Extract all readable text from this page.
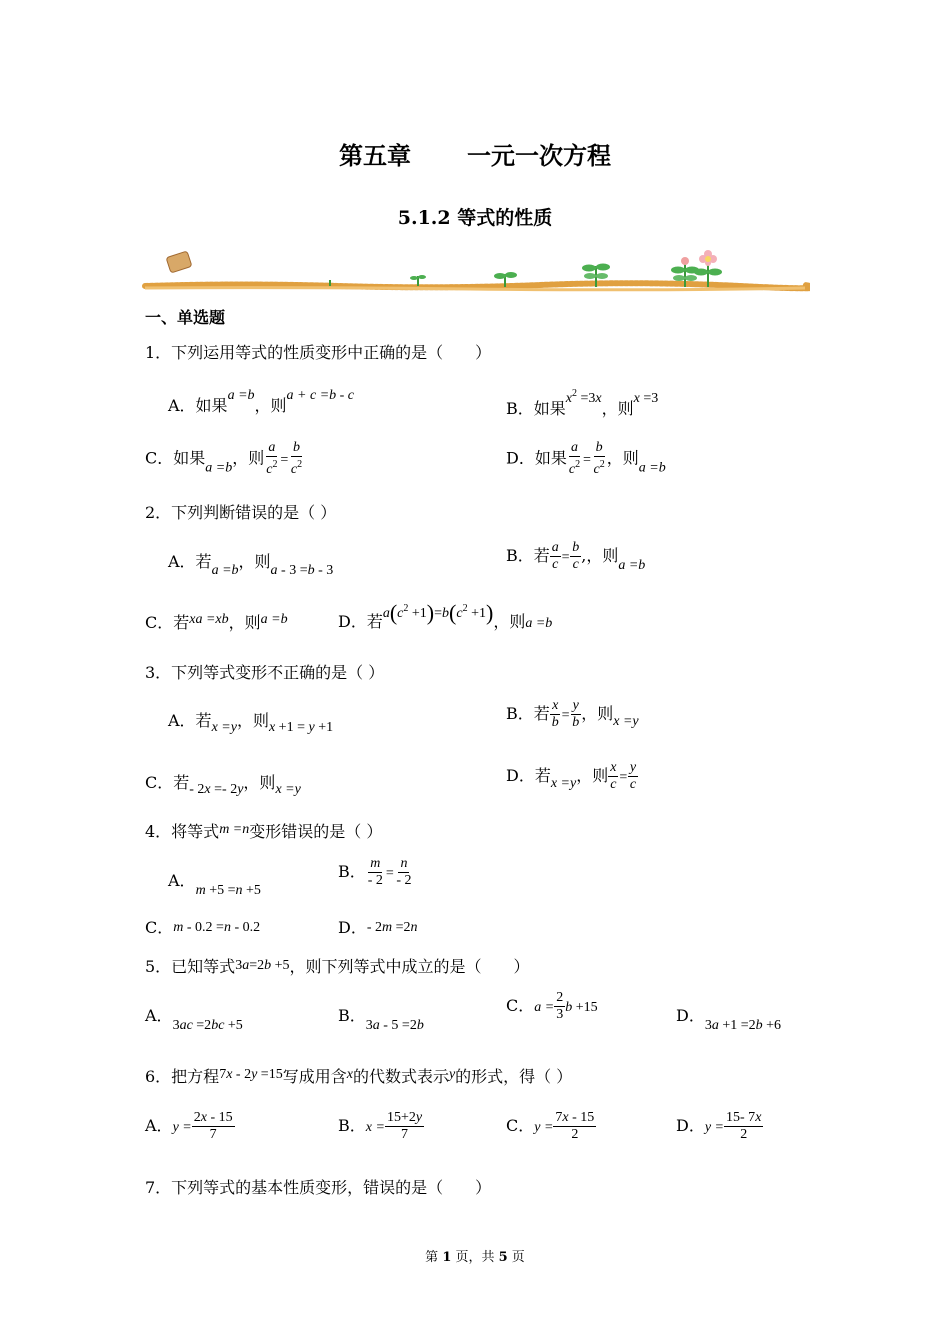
第五章 一元一次方程
5.1.2 等式的性质
一、单选题
1．下列运用等式的性质变形中正确的是（　　）
A．如果a =b，则a + c =b - c
B．如果$x^2 =3x$，则x =3
C．如果a =b，则 $\frac{a}{c^2} = \frac{b}{c^2}$	D．如果 $\frac{a}{c^2} = \frac{b}{c^2}$ ，则a =b
2．下列判断错误的是（ ）
A．若a =b，则a - 3 =b - 3
B．若 $\frac{a}{c} = \frac{b}{c}$ ,，则a =b
C．若xa =xb，则a =b	D．若$a(c^2 +1)=b(c^2 +1)$，则a =b
3．下列等式变形不正确的是（ ）
A．若x =y，则x +1 = y +1
B．若 $\frac{x}{b} = \frac{y}{b}$ ，则x =y
C．若- 2x =- 2y，则x =y
D．若x =y，则 $\frac{x}{c} = \frac{y}{c}$
4．将等式m =n变形错误的是（ ）
A．m +5 =n +5
B． $\frac{m}{- 2} = \frac{n}{- 2}$
C．m - 0.2 =n - 0.2	D．- 2m =2n
5．已知等式3a=2b +5，则下列等式中成立的是（　　）
A．3ac =2bc +5
B．3a - 5 =2b
C．$a = \frac{2}{3}$ b +15	D．3a +1 =2b +6
6．把方程7x - 2y =15写成用含x的代数式表示y的形式，得（ ）
A．$y = \frac{2x - 15}{7}$	B．$x = \frac{15+2y}{7}$	C．$y = \frac{7x - 15}{2}$	D．$y = \frac{15- 7x}{2}$
7．下列等式的基本性质变形，错误的是（　　）
第 1 页，共 5 页
